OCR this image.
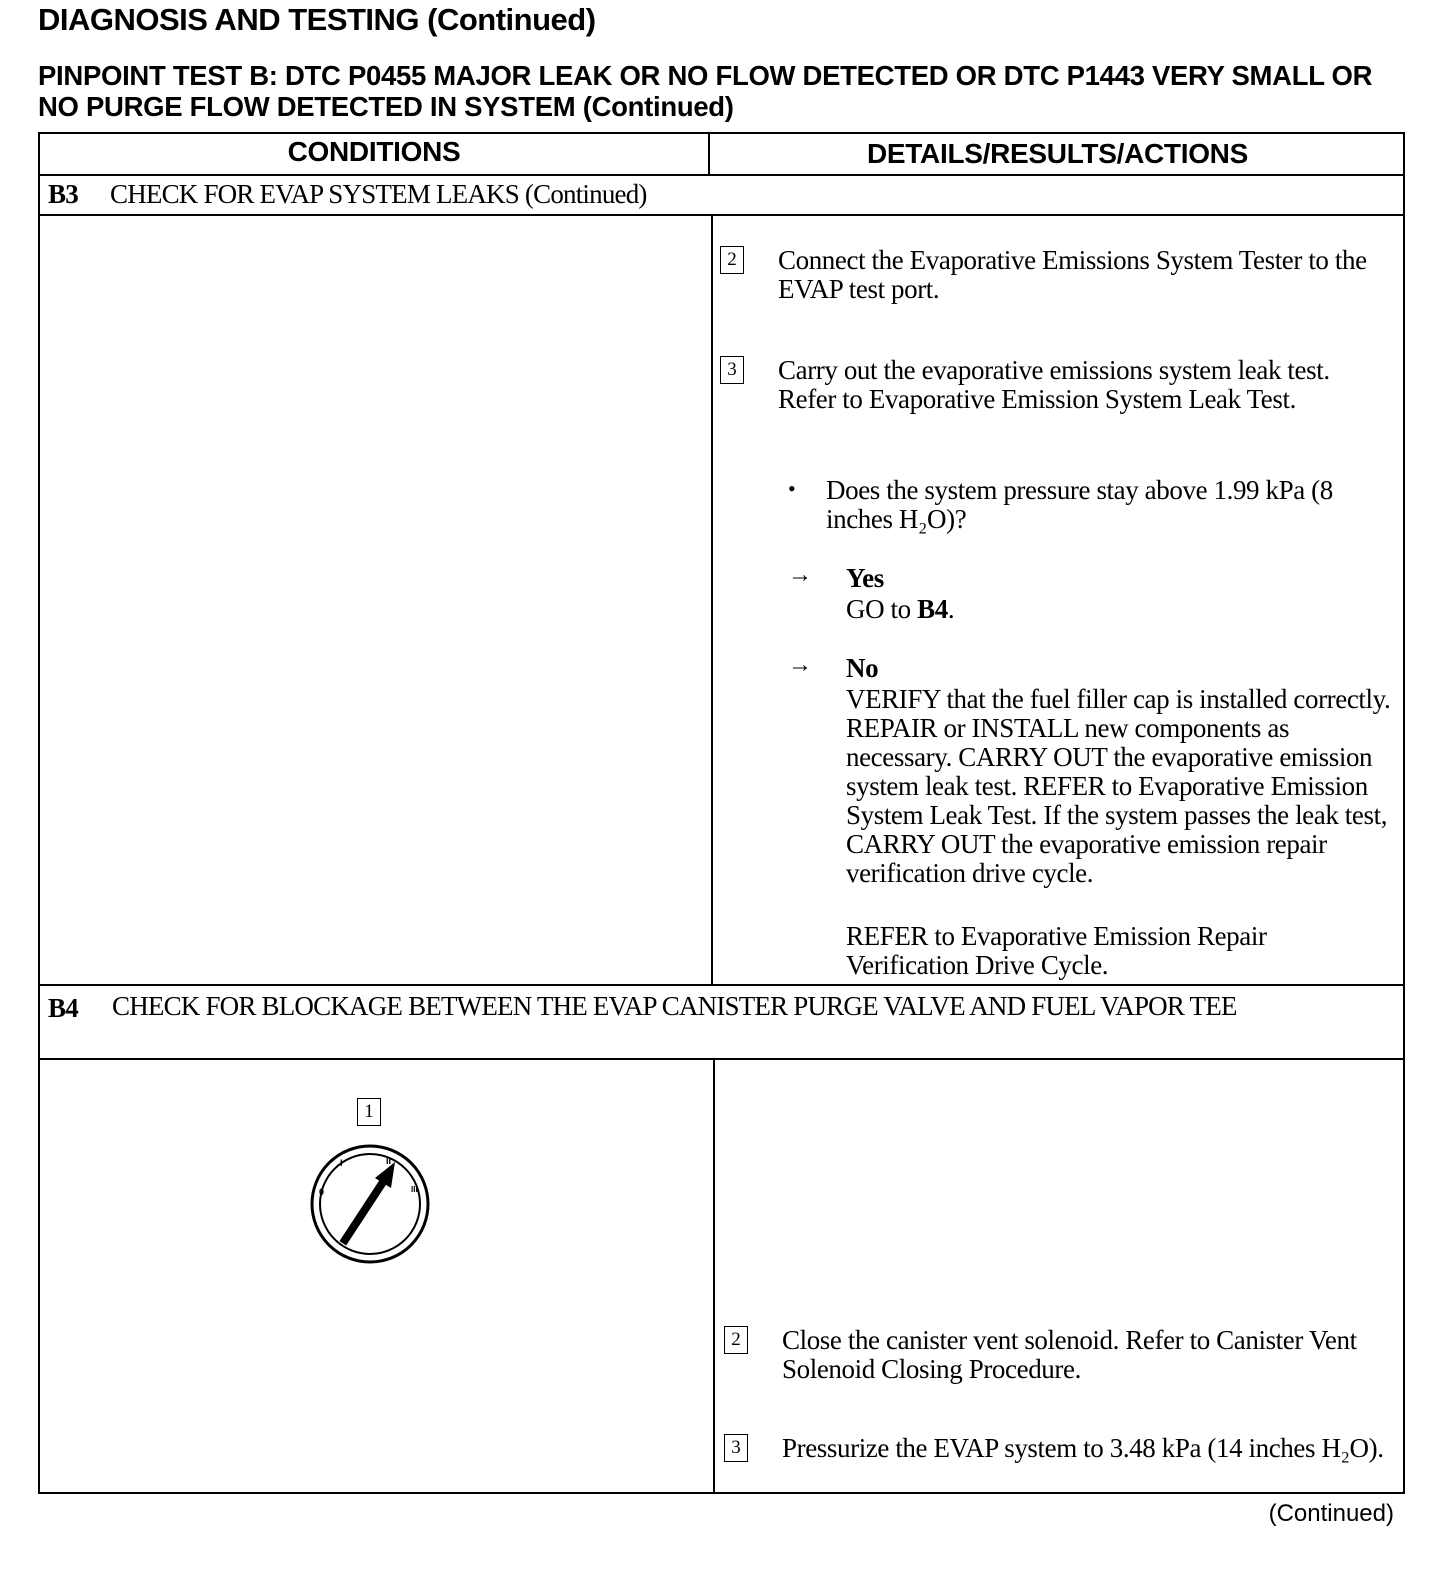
DIAGNOSIS AND TESTING (Continued)
PINPOINT TEST B: DTC P0455 MAJOR LEAK OR NO FLOW DETECTED OR DTC P1443 VERY SMALL OR NO PURGE FLOW DETECTED IN SYSTEM (Continued)
CONDITIONS	DETAILS/RESULTS/ACTIONS
B3 CHECK FOR EVAP SYSTEM LEAKS (Continued)
2 Connect the Evaporative Emissions System Tester to the EVAP test port.
3 Carry out the evaporative emissions system leak test. Refer to Evaporative Emission System Leak Test.
• Does the system pressure stay above 1.99 kPa (8 inches H₂O)?
→ Yes
GO to B4.
→ No
VERIFY that the fuel filler cap is installed correctly. REPAIR or INSTALL new components as necessary. CARRY OUT the evaporative emission system leak test. REFER to Evaporative Emission System Leak Test. If the system passes the leak test, CARRY OUT the evaporative emission repair verification drive cycle.
REFER to Evaporative Emission Repair Verification Drive Cycle.
B4	CHECK FOR BLOCKAGE BETWEEN THE EVAP CANISTER PURGE VALVE AND FUEL VAPOR TEE
1
0
I	II
III
2 Close the canister vent solenoid. Refer to Canister Vent Solenoid Closing Procedure.
3 Pressurize the EVAP system to 3.48 kPa (14 inches H₂O).
(Continued)
